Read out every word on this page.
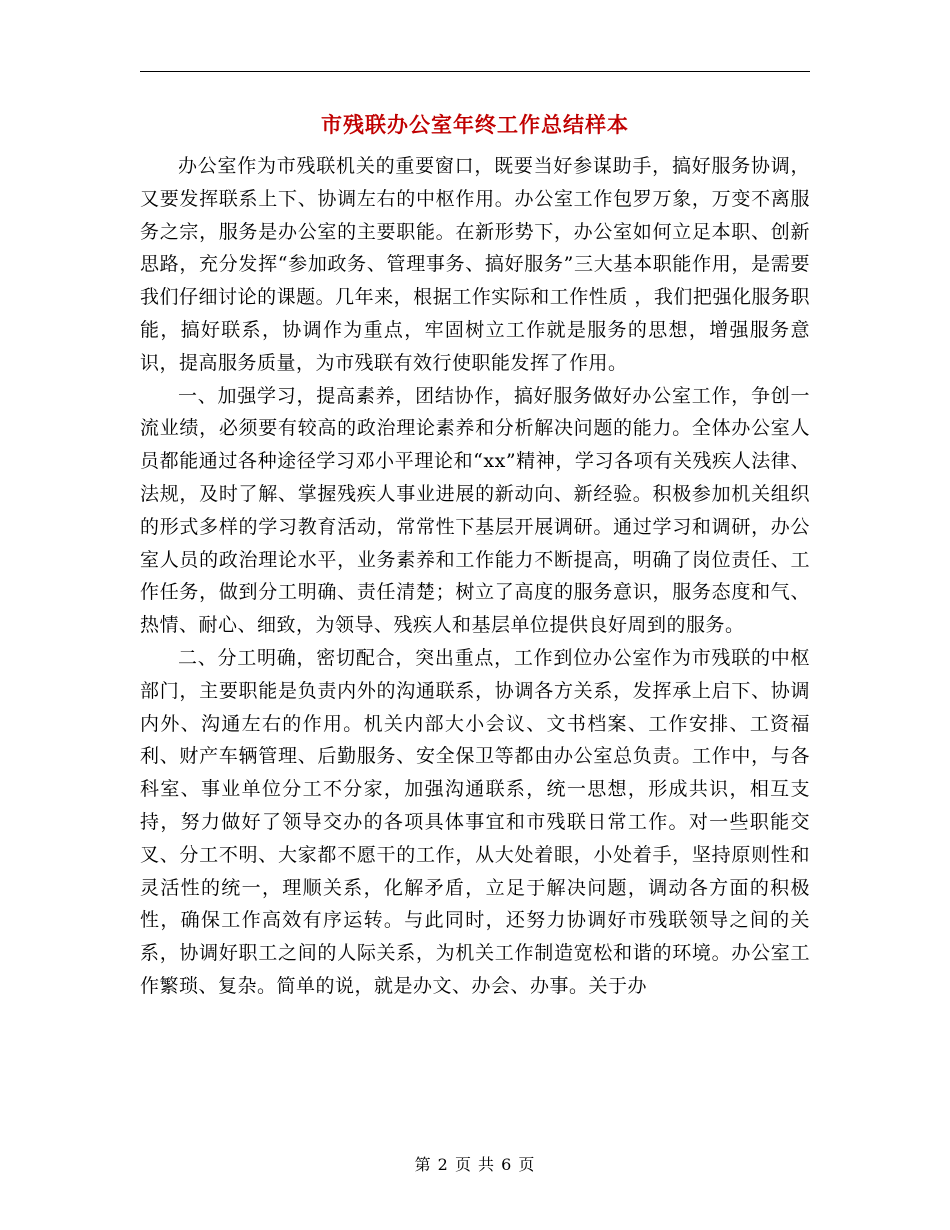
市残联办公室年终工作总结样本

办公室作为市残联机关的重要窗口，既要当好参谋助手，搞好服务协调，又要发挥联系上下、协调左右的中枢作用。办公室工作包罗万象，万变不离服务之宗，服务是办公室的主要职能。在新形势下，办公室如何立足本职、创新思路，充分发挥“参加政务、管理事务、搞好服务”三大基本职能作用，是需要我们仔细讨论的课题。几年来，根据工作实际和工作性质 ，我们把强化服务职能，搞好联系，协调作为重点，牢固树立工作就是服务的思想，增强服务意识，提高服务质量，为市残联有效行使职能发挥了作用。

一、加强学习，提高素养，团结协作，搞好服务做好办公室工作，争创一流业绩，必须要有较高的政治理论素养和分析解决问题的能力。全体办公室人员都能通过各种途径学习邓小平理论和“xx”精神，学习各项有关残疾人法律、法规，及时了解、掌握残疾人事业进展的新动向、新经验。积极参加机关组织的形式多样的学习教育活动，常常性下基层开展调研。通过学习和调研，办公室人员的政治理论水平，业务素养和工作能力不断提高，明确了岗位责任、工作任务，做到分工明确、责任清楚；树立了高度的服务意识，服务态度和气、热情、耐心、细致，为领导、残疾人和基层单位提供良好周到的服务。

二、分工明确，密切配合，突出重点，工作到位办公室作为市残联的中枢部门，主要职能是负责内外的沟通联系，协调各方关系，发挥承上启下、协调内外、沟通左右的作用。机关内部大小会议、文书档案、工作安排、工资福利、财产车辆管理、后勤服务、安全保卫等都由办公室总负责。工作中，与各科室、事业单位分工不分家，加强沟通联系，统一思想，形成共识，相互支持，努力做好了领导交办的各项具体事宜和市残联日常工作。对一些职能交叉、分工不明、大家都不愿干的工作，从大处着眼，小处着手，坚持原则性和灵活性的统一，理顺关系，化解矛盾，立足于解决问题，调动各方面的积极性，确保工作高效有序运转。与此同时，还努力协调好市残联领导之间的关系，协调好职工之间的人际关系，为机关工作制造宽松和谐的环境。办公室工作繁琐、复杂。简单的说，就是办文、办会、办事。关于办

第 2 页 共 6 页
